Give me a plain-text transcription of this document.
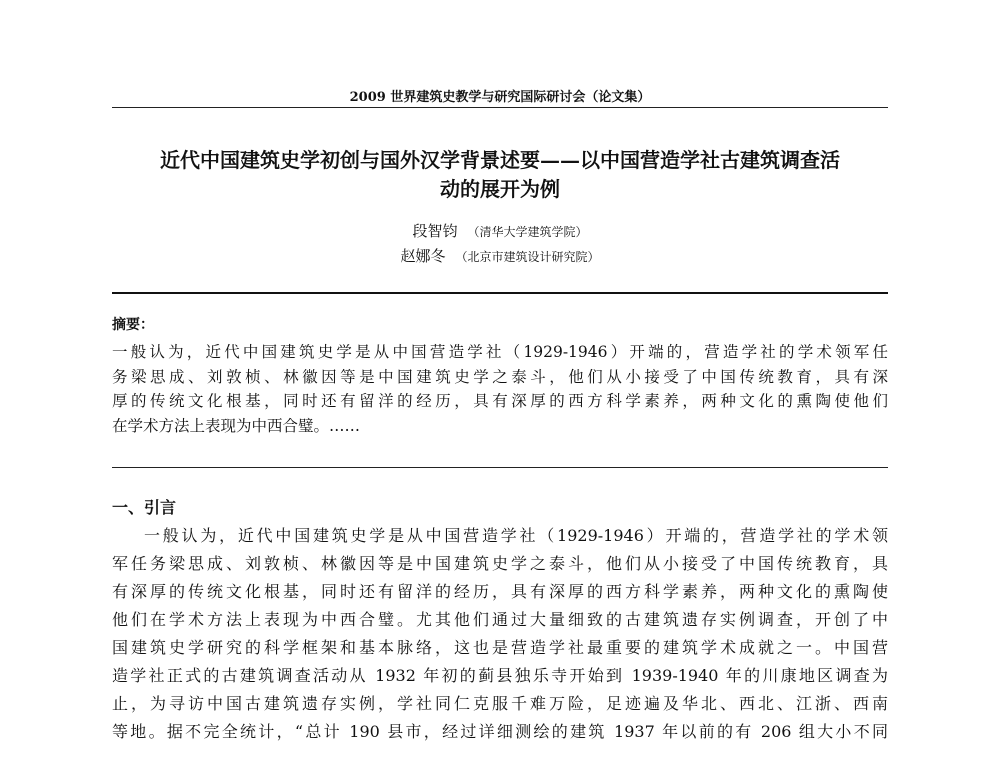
2009 世界建筑史教学与研究国际研讨会（论文集）
近代中国建筑史学初创与国外汉学背景述要——以中国营造学社古建筑调查活
动的展开为例
段智钧 （清华大学建筑学院）
赵娜冬 （北京市建筑设计研究院）
摘要：
一般认为，近代中国建筑史学是从中国营造学社（1929-1946）开端的，营造学社的学术领军任
务梁思成、刘敦桢、林徽因等是中国建筑史学之泰斗，他们从小接受了中国传统教育，具有深
厚的传统文化根基，同时还有留洋的经历，具有深厚的西方科学素养，两种文化的熏陶使他们
在学术方法上表现为中西合璧。……
一、引言
一般认为，近代中国建筑史学是从中国营造学社（1929-1946）开端的，营造学社的学术领
军任务梁思成、刘敦桢、林徽因等是中国建筑史学之泰斗，他们从小接受了中国传统教育，具
有深厚的传统文化根基，同时还有留洋的经历，具有深厚的西方科学素养，两种文化的熏陶使
他们在学术方法上表现为中西合璧。尤其他们通过大量细致的古建筑遗存实例调查，开创了中
国建筑史学研究的科学框架和基本脉络，这也是营造学社最重要的建筑学术成就之一。中国营
造学社正式的古建筑调查活动从 1932 年初的蓟县独乐寺开始到 1939-1940 年的川康地区调查为
止，为寻访中国古建筑遗存实例，学社同仁克服千难万险，足迹遍及华北、西北、江浙、西南
等地。据不完全统计，“总计 190 县市，经过详细测绘的建筑 1937 年以前的有 206 组大小不同
